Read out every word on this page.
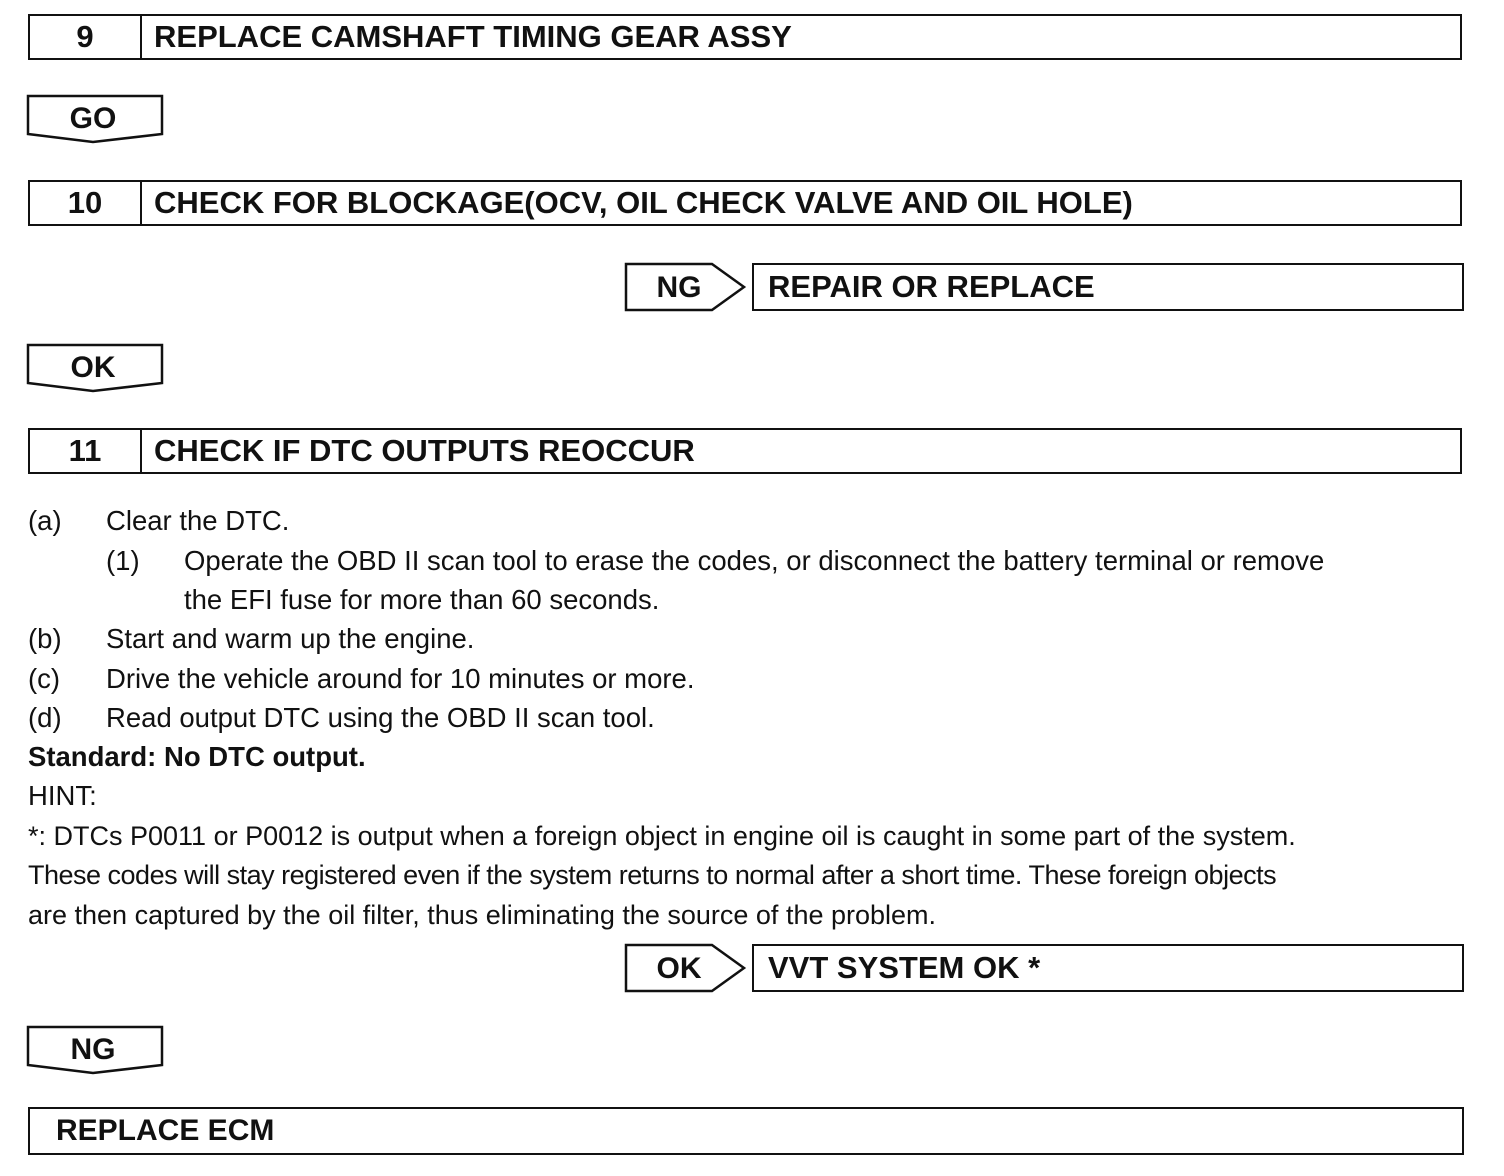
9	REPLACE CAMSHAFT TIMING GEAR ASSY
GO
10	CHECK FOR BLOCKAGE(OCV, OIL CHECK VALVE AND OIL HOLE)
NG	REPAIR OR REPLACE
OK
11	CHECK IF DTC OUTPUTS REOCCUR
(a) Clear the DTC.
(1) Operate the OBD II scan tool to erase the codes, or disconnect the battery terminal or remove
the EFI fuse for more than 60 seconds.
(b) Start and warm up the engine.
(c) Drive the vehicle around for 10 minutes or more.
(d) Read output DTC using the OBD II scan tool.
Standard: No DTC output.
HINT:
*: DTCs P0011 or P0012 is output when a foreign object in engine oil is caught in some part of the system.
These codes will stay registered even if the system returns to normal after a short time. These foreign objects
are then captured by the oil filter, thus eliminating the source of the problem.
OK	VVT SYSTEM OK *
NG
REPLACE ECM
